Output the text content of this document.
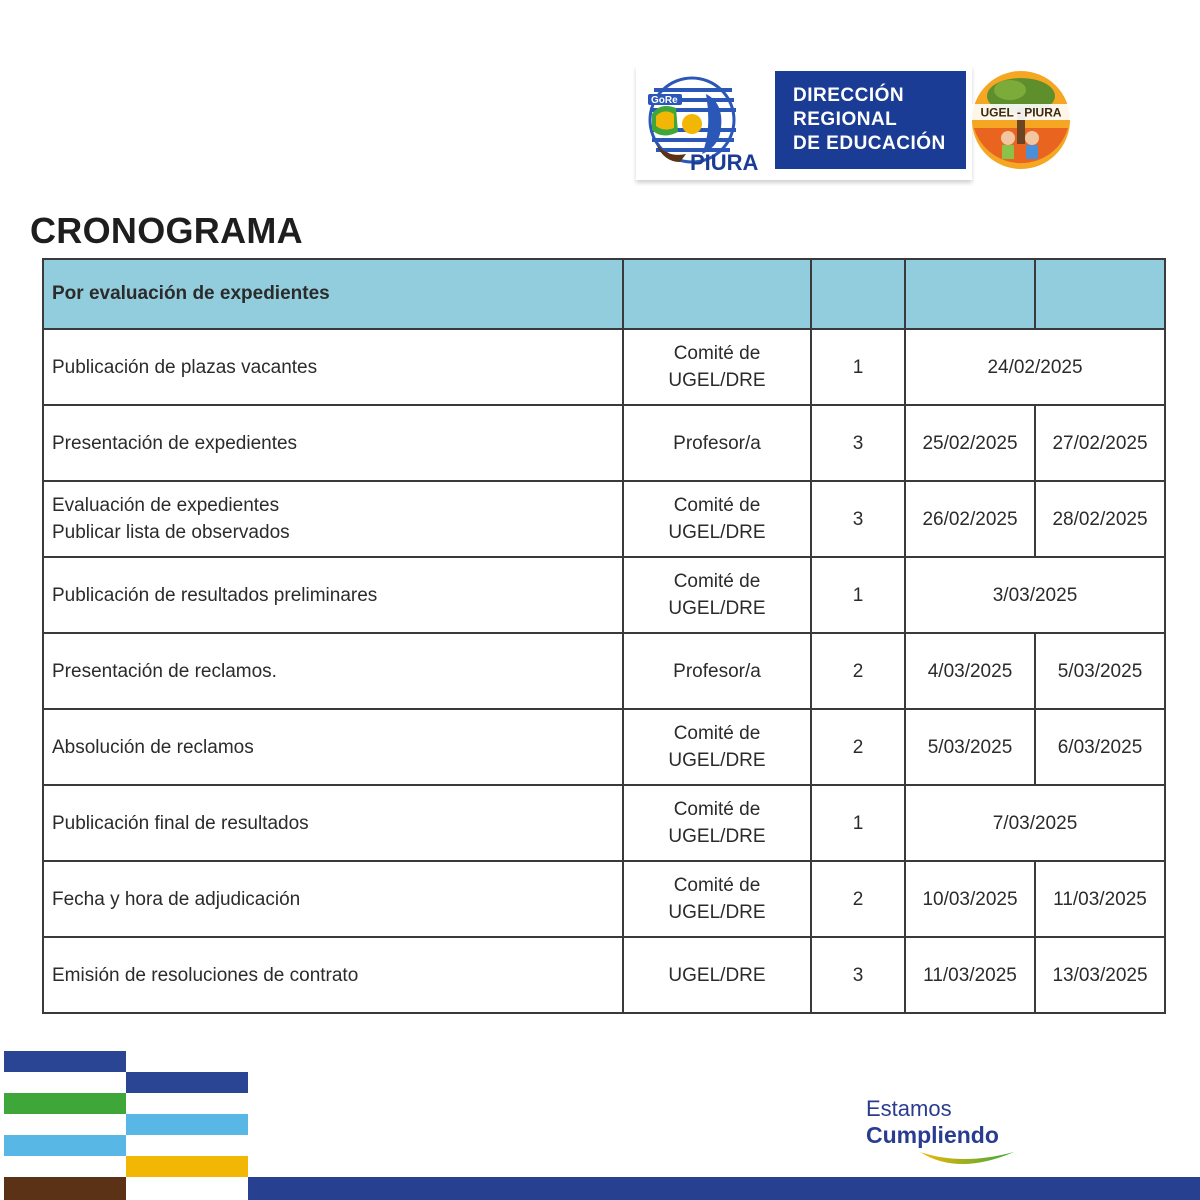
GoRe
PIURA
DIRECCIÓN
REGIONAL
DE EDUCACIÓN
UGEL - PIURA
CRONOGRAMA
Por evaluación de expedientes				

Publicación de plazas vacantes	Comité de
UGEL/DRE	1	24/02/2025	

Presentación de expedientes	Profesor/a	3	25/02/2025	27/02/2025

Evaluación de expedientes
Publicar lista de observados	Comité de
UGEL/DRE	3	26/02/2025	28/02/2025

Publicación de resultados preliminares	Comité de
UGEL/DRE	1	3/03/2025	

Presentación de reclamos.	Profesor/a	2	4/03/2025	5/03/2025

Absolución de reclamos	Comité de
UGEL/DRE	2	5/03/2025	6/03/2025

Publicación final de resultados	Comité de
UGEL/DRE	1	7/03/2025	

Fecha y hora de adjudicación	Comité de
UGEL/DRE	2	10/03/2025	11/03/2025

Emisión de resoluciones de contrato	UGEL/DRE	3	11/03/2025	13/03/2025
Estamos
Cumpliendo
